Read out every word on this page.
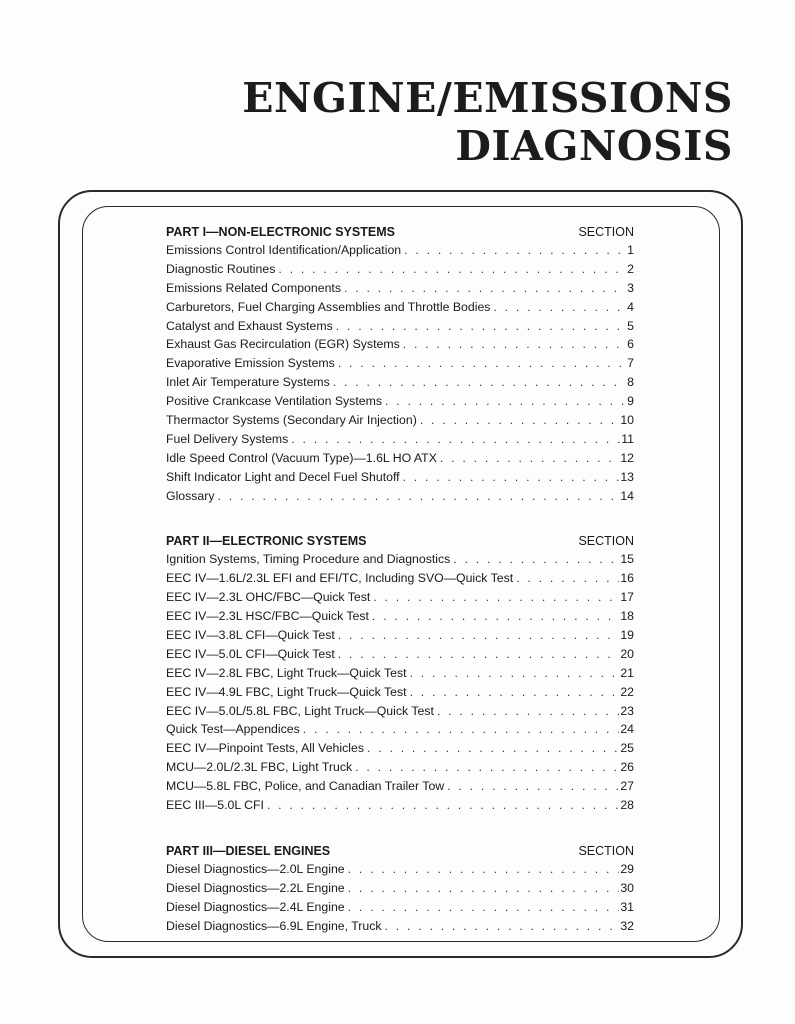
ENGINE/EMISSIONS
DIAGNOSIS
PART I—NON-ELECTRONIC SYSTEMS	SECTION
Emissions Control Identification/Application . . .	1
Diagnostic Routines . . .	2
Emissions Related Components . . .	3
Carburetors, Fuel Charging Assemblies and Throttle Bodies . . .	4
Catalyst and Exhaust Systems . . .	5
Exhaust Gas Recirculation (EGR) Systems . . .	6
Evaporative Emission Systems . . .	7
Inlet Air Temperature Systems . . .	8
Positive Crankcase Ventilation Systems . . .	9
Thermactor Systems (Secondary Air Injection) . . .	10
Fuel Delivery Systems . . .	11
Idle Speed Control (Vacuum Type)—1.6L HO ATX . . .	12
Shift Indicator Light and Decel Fuel Shutoff . . .	13
Glossary . . .	14
PART II—ELECTRONIC SYSTEMS	SECTION
Ignition Systems, Timing Procedure and Diagnostics . . .	15
EEC IV—1.6L/2.3L EFI and EFI/TC, Including SVO—Quick Test . . .	16
EEC IV—2.3L OHC/FBC—Quick Test . . .	17
EEC IV—2.3L HSC/FBC—Quick Test . . .	18
EEC IV—3.8L CFI—Quick Test . . .	19
EEC IV—5.0L CFI—Quick Test . . .	20
EEC IV—2.8L FBC, Light Truck—Quick Test . . .	21
EEC IV—4.9L FBC, Light Truck—Quick Test . . .	22
EEC IV—5.0L/5.8L FBC, Light Truck—Quick Test . . .	23
Quick Test—Appendices . . .	24
EEC IV—Pinpoint Tests, All Vehicles . . .	25
MCU—2.0L/2.3L FBC, Light Truck . . .	26
MCU—5.8L FBC, Police, and Canadian Trailer Tow . . .	27
EEC III—5.0L CFI . . .	28
PART III—DIESEL ENGINES	SECTION
Diesel Diagnostics—2.0L Engine . . .	29
Diesel Diagnostics—2.2L Engine . . .	30
Diesel Diagnostics—2.4L Engine . . .	31
Diesel Diagnostics—6.9L Engine, Truck . . .	32
